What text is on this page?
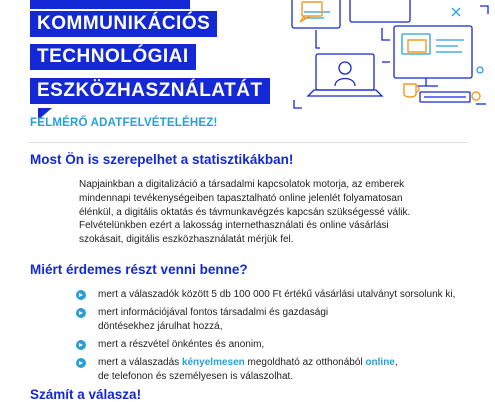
KOMMUNIKÁCIÓS
TECHNOLÓGIAI
ESZKÖZHASZNÁLATÁT
FELMÉRŐ ADATFELVÉTELÉHEZ!
Most Ön is szerepelhet a statisztikákban!

Napjainkban a digitalizáció a társadalmi kapcsolatok motorja, az emberek

mindennapi tevékenységeiben tapasztalható online jelenlét folyamatosan

élénkül, a digitális oktatás és távmunkavégzés kapcsán szükségessé válik.

Felvételünkben ezért a lakosság internethasználati és online vásárlási

szokásait, digitális eszközhasználatát mérjük fel.

Miért érdemes részt venni benne?
mert a válaszadók között 5 db 100 000 Ft értékű vásárlási utalványt sorsolunk ki,
mert információjával fontos társadalmi és gazdasági
döntésekhez járulhat hozzá,
mert a részvétel önkéntes és anonim,
mert a válaszadás kényelmesen megoldható az otthonából online,
de telefonon és személyesen is válaszolhat.
Számít a válasza!
